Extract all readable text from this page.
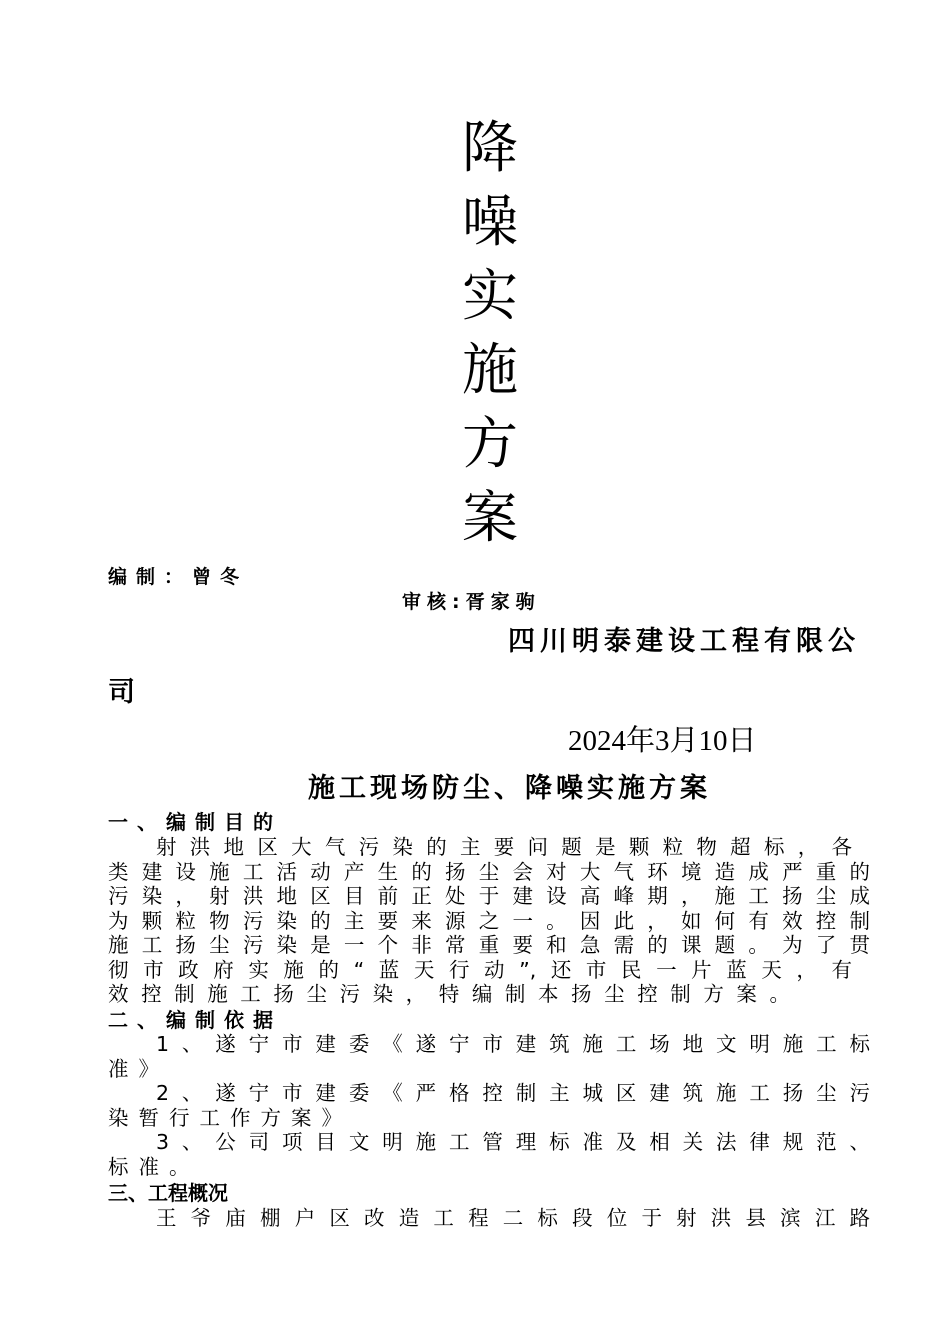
降
噪
实
施
方
案
编制：曾冬
审核:胥家驹
四川明泰建设工程有限公
司
2024年3月10日
施工现场防尘、降噪实施方案
一、编制目的
射洪地区大气污染的主要问题是颗粒物超标，各
类建设施工活动产生的扬尘会对大气环境造成严重的
污染，射洪地区目前正处于建设高峰期，施工扬尘成
为颗粒物污染的主要来源之一。因此，如何有效控制
施工扬尘污染是一个非常重要和急需的课题。为了贯
彻市政府实施的“蓝天行动”,还市民一片蓝天，有
效控制施工扬尘污染，特编制本扬尘控制方案。
二、编制依据
1、遂宁市建委《遂宁市建筑施工场地文明施工标
准》
2、遂宁市建委《严格控制主城区建筑施工扬尘污
染暂行工作方案》
3、公司项目文明施工管理标准及相关法律规范、
标准。
三、工程概况
王爷庙棚户区改造工程二标段位于射洪县滨江路
